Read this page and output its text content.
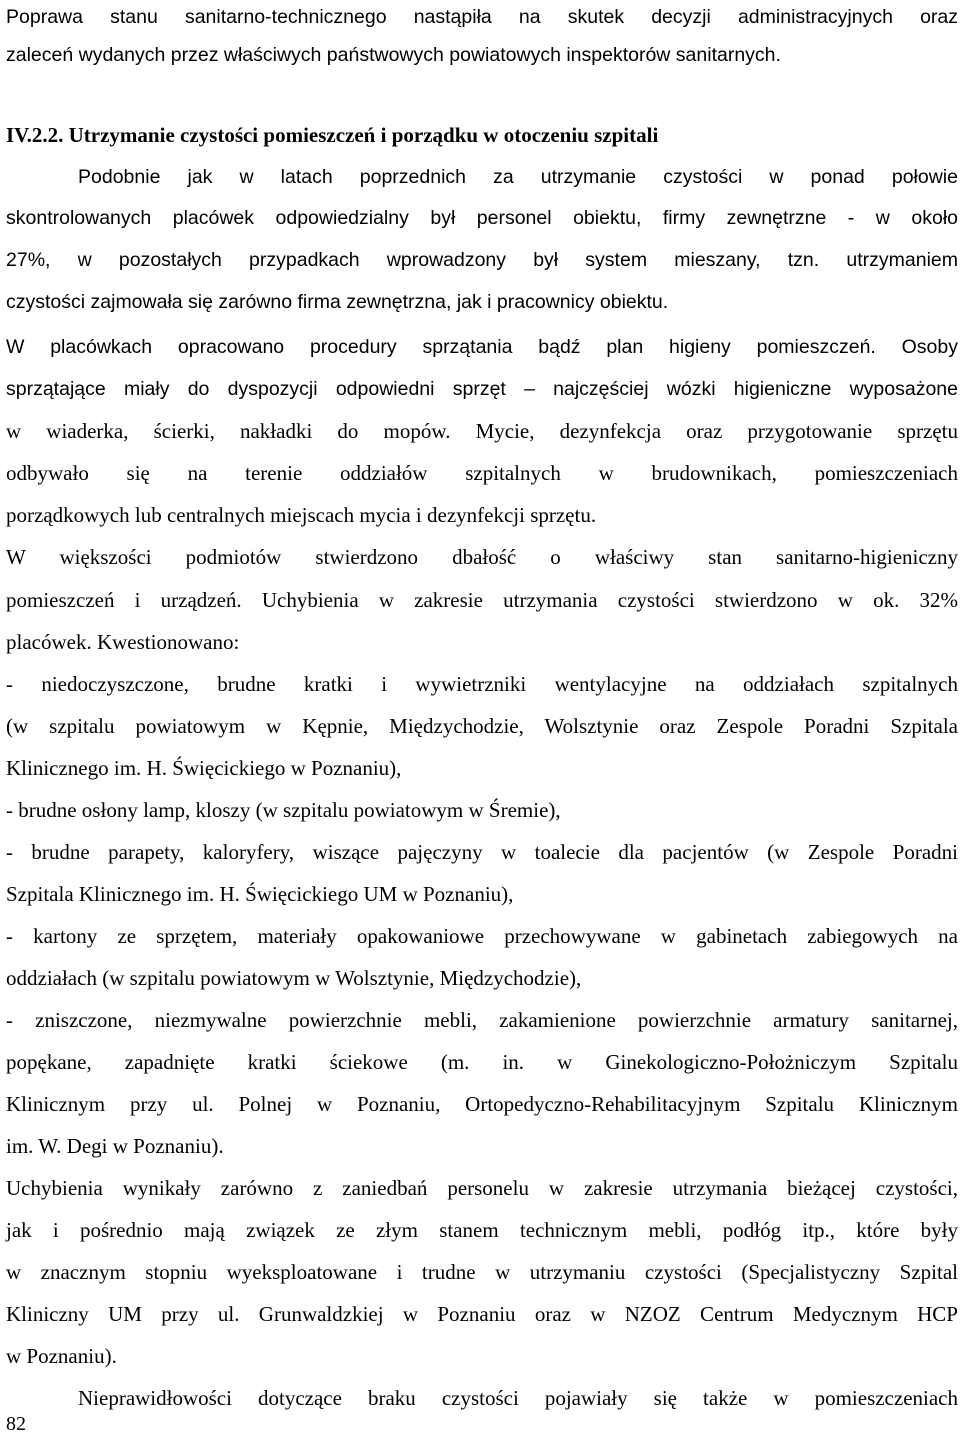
Poprawa stanu sanitarno-technicznego nastąpiła na skutek decyzji administracyjnych oraz
zaleceń wydanych przez właściwych państwowych powiatowych inspektorów sanitarnych.
IV.2.2. Utrzymanie czystości pomieszczeń i porządku w otoczeniu szpitali
Podobnie jak w latach poprzednich za utrzymanie czystości w ponad połowie
skontrolowanych placówek odpowiedzialny był personel obiektu, firmy zewnętrzne - w około
27%, w pozostałych przypadkach wprowadzony był system mieszany, tzn. utrzymaniem
czystości zajmowała się zarówno firma zewnętrzna, jak i pracownicy obiektu.
W placówkach opracowano procedury sprzątania bądź plan higieny pomieszczeń. Osoby
sprzątające miały do dyspozycji odpowiedni sprzęt – najczęściej wózki higieniczne wyposażone
w wiaderka, ścierki, nakładki do mopów. Mycie, dezynfekcja oraz przygotowanie sprzętu
odbywało się na terenie oddziałów szpitalnych w brudownikach, pomieszczeniach
porządkowych lub centralnych miejscach mycia i dezynfekcji sprzętu.
W większości podmiotów stwierdzono dbałość o właściwy stan sanitarno-higieniczny
pomieszczeń i urządzeń. Uchybienia w zakresie utrzymania czystości stwierdzono w ok. 32%
placówek. Kwestionowano:
- niedoczyszczone, brudne kratki i wywietrzniki wentylacyjne na oddziałach szpitalnych
(w szpitalu powiatowym w Kępnie, Międzychodzie, Wolsztynie oraz Zespole Poradni Szpitala
Klinicznego im. H. Święcickiego w Poznaniu),
- brudne osłony lamp, kloszy (w szpitalu powiatowym w Śremie),
- brudne parapety, kaloryfery, wiszące pajęczyny w toalecie dla pacjentów (w Zespole Poradni
Szpitala Klinicznego im. H. Święcickiego UM w Poznaniu),
- kartony ze sprzętem, materiały opakowaniowe przechowywane w gabinetach zabiegowych na
oddziałach (w szpitalu powiatowym w Wolsztynie, Międzychodzie),
- zniszczone, niezmywalne powierzchnie mebli, zakamienione powierzchnie armatury sanitarnej,
popękane, zapadnięte kratki ściekowe (m. in. w Ginekologiczno-Położniczym Szpitalu
Klinicznym przy ul. Polnej w Poznaniu, Ortopedyczno-Rehabilitacyjnym Szpitalu Klinicznym
im. W. Degi w Poznaniu).
Uchybienia wynikały zarówno z zaniedbań personelu w zakresie utrzymania bieżącej czystości,
jak i pośrednio mają związek ze złym stanem technicznym mebli, podłóg itp., które były
w znacznym stopniu wyeksploatowane i trudne w utrzymaniu czystości (Specjalistyczny Szpital
Kliniczny UM przy ul. Grunwaldzkiej w Poznaniu oraz w NZOZ Centrum Medycznym HCP
w Poznaniu).
Nieprawidłowości dotyczące braku czystości pojawiały się także w pomieszczeniach
82
